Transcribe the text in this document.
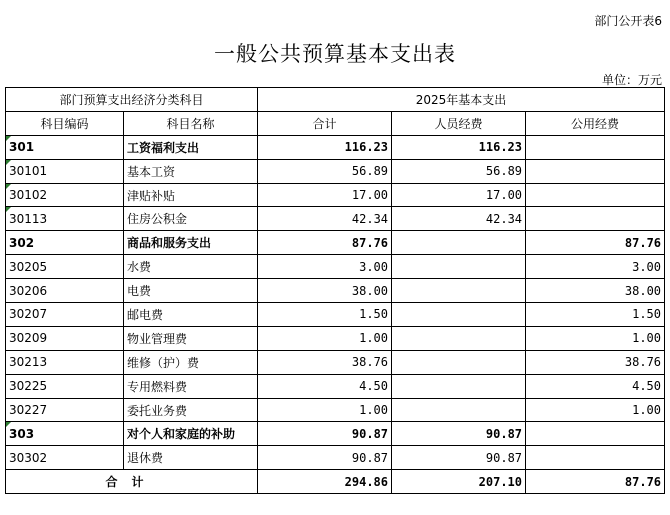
部门公开表6
一般公共预算基本支出表
单位：万元
部门预算支出经济分类科目		2025年基本支出		
科目编码	科目名称	合计	人员经费	公用经费
301	工资福利支出	116.23	116.23	
30101	基本工资	56.89	56.89	
30102	津贴补贴	17.00	17.00	
30113	住房公积金	42.34	42.34	
302	商品和服务支出	87.76		87.76
30205	水费	3.00		3.00
30206	电费	38.00		38.00
30207	邮电费	1.50		1.50
30209	物业管理费	1.00		1.00
30213	维修（护）费	38.76		38.76
30225	专用燃料费	4.50		4.50
30227	委托业务费	1.00		1.00
303	对个人和家庭的补助	90.87	90.87	
30302	退休费	90.87	90.87	
合计		294.86	207.10	87.76
